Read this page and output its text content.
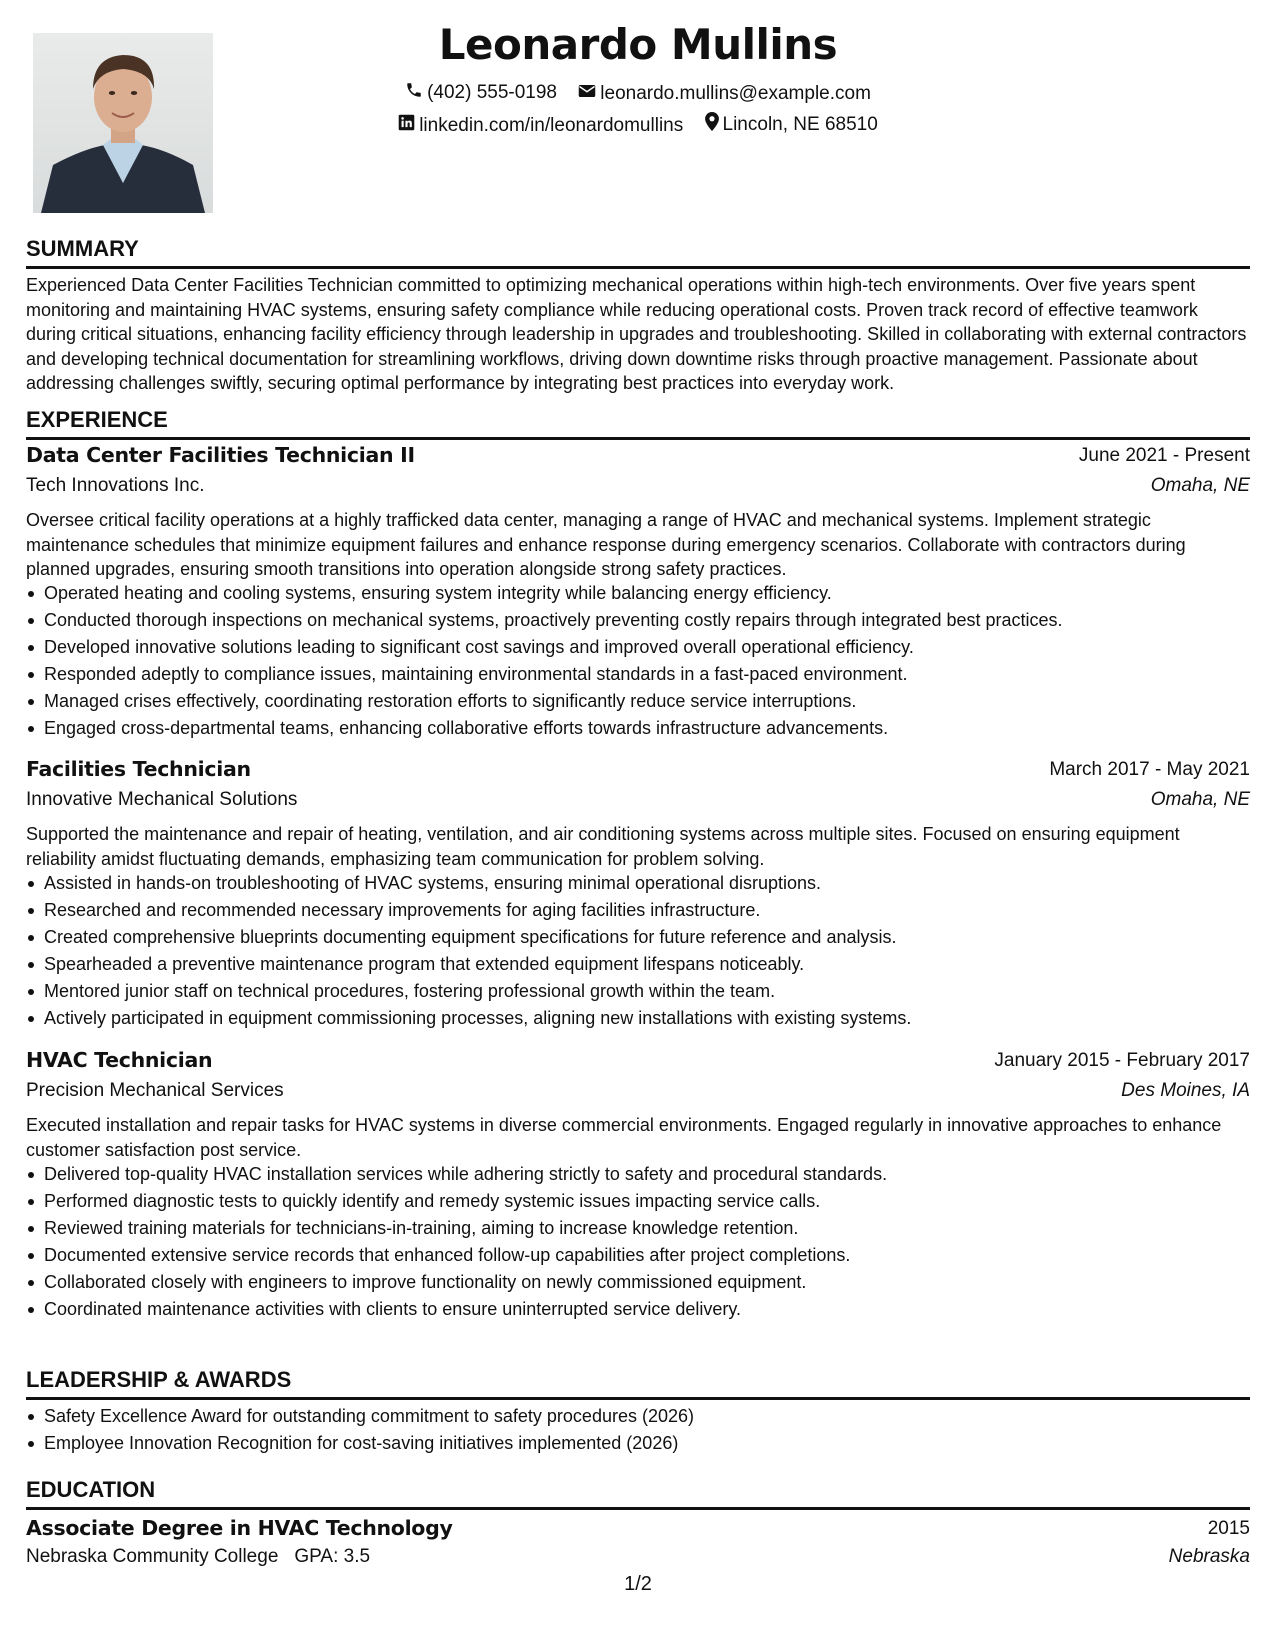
Leonardo Mullins
(402) 555-0198
leonardo.mullins@example.com
linkedin.com/in/leonardomullins
Lincoln, NE 68510
SUMMARY
Experienced Data Center Facilities Technician committed to optimizing mechanical operations within high-tech environments. Over five years spent monitoring and maintaining HVAC systems, ensuring safety compliance while reducing operational costs. Proven track record of effective teamwork during critical situations, enhancing facility efficiency through leadership in upgrades and troubleshooting. Skilled in collaborating with external contractors and developing technical documentation for streamlining workflows, driving down downtime risks through proactive management. Passionate about addressing challenges swiftly, securing optimal performance by integrating best practices into everyday work.
EXPERIENCE
Data Center Facilities Technician II	June 2021 - Present
Tech Innovations Inc.	Omaha, NE
Oversee critical facility operations at a highly trafficked data center, managing a range of HVAC and mechanical systems. Implement strategic maintenance schedules that minimize equipment failures and enhance response during emergency scenarios. Collaborate with contractors during planned upgrades, ensuring smooth transitions into operation alongside strong safety practices.
Operated heating and cooling systems, ensuring system integrity while balancing energy efficiency.
Conducted thorough inspections on mechanical systems, proactively preventing costly repairs through integrated best practices.
Developed innovative solutions leading to significant cost savings and improved overall operational efficiency.
Responded adeptly to compliance issues, maintaining environmental standards in a fast-paced environment.
Managed crises effectively, coordinating restoration efforts to significantly reduce service interruptions.
Engaged cross-departmental teams, enhancing collaborative efforts towards infrastructure advancements.
Facilities Technician	March 2017 - May 2021
Innovative Mechanical Solutions	Omaha, NE
Supported the maintenance and repair of heating, ventilation, and air conditioning systems across multiple sites. Focused on ensuring equipment reliability amidst fluctuating demands, emphasizing team communication for problem solving.
Assisted in hands-on troubleshooting of HVAC systems, ensuring minimal operational disruptions.
Researched and recommended necessary improvements for aging facilities infrastructure.
Created comprehensive blueprints documenting equipment specifications for future reference and analysis.
Spearheaded a preventive maintenance program that extended equipment lifespans noticeably.
Mentored junior staff on technical procedures, fostering professional growth within the team.
Actively participated in equipment commissioning processes, aligning new installations with existing systems.
HVAC Technician	January 2015 - February 2017
Precision Mechanical Services	Des Moines, IA
Executed installation and repair tasks for HVAC systems in diverse commercial environments. Engaged regularly in innovative approaches to enhance customer satisfaction post service.
Delivered top-quality HVAC installation services while adhering strictly to safety and procedural standards.
Performed diagnostic tests to quickly identify and remedy systemic issues impacting service calls.
Reviewed training materials for technicians-in-training, aiming to increase knowledge retention.
Documented extensive service records that enhanced follow-up capabilities after project completions.
Collaborated closely with engineers to improve functionality on newly commissioned equipment.
Coordinated maintenance activities with clients to ensure uninterrupted service delivery.
LEADERSHIP & AWARDS
Safety Excellence Award for outstanding commitment to safety procedures (2026)
Employee Innovation Recognition for cost-saving initiatives implemented (2026)
EDUCATION
Associate Degree in HVAC Technology	2015
Nebraska Community College GPA: 3.5	Nebraska
1/2
